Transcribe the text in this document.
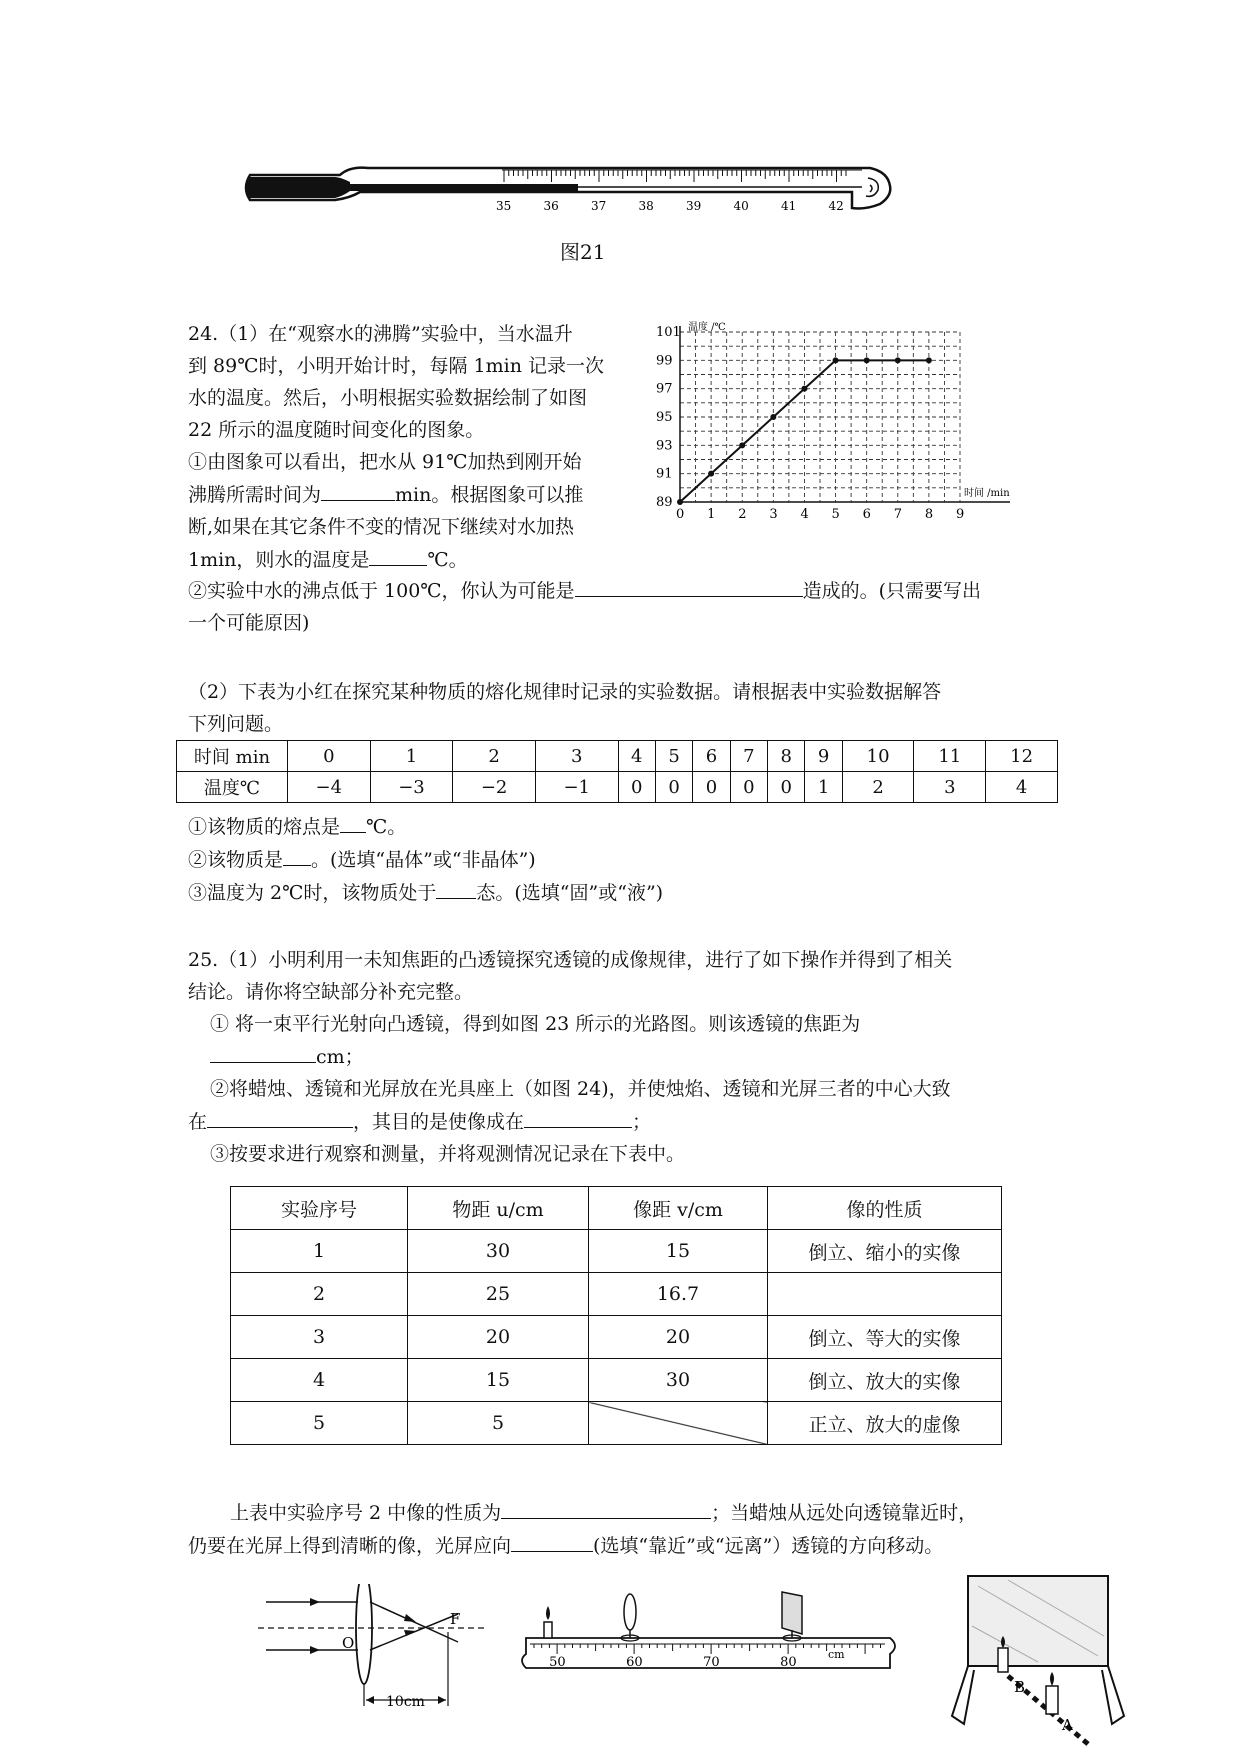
35	36	37	38	39	40	41	42
图21
24.（1）在“观察水的沸腾”实验中，当水温升
到 89℃时，小明开始计时，每隔 1min 记录一次
水的温度。然后，小明根据实验数据绘制了如图
22 所示的温度随时间变化的图象。
①由图象可以看出，把水从 91℃加热到刚开始
沸腾所需时间为	min。根据图象可以推
断,如果在其它条件不变的情况下继续对水加热
1min，则水的温度是	℃。
②实验中水的沸点低于 100℃，你认为可能是	造成的。(只需要写出
一个可能原因)
0 1 2 3 4 5 6 7 8 9
89
91
93
95
97
99
101
时间 /min
温度 /℃
（2）下表为小红在探究某种物质的熔化规律时记录的实验数据。请根据表中实验数据解答
下列问题。
时间 min	0	1	2	3	4	5	6	7	8	9	10	11	12
温度℃	−4	−3	−2	−1	0	0	0	0	0	1	2	3	4
①该物质的熔点是 ℃。
②该物质是 。(选填“晶体”或“非晶体”)
③温度为 2℃时，该物质处于 态。(选填“固”或“液”)
25.（1）小明利用一未知焦距的凸透镜探究透镜的成像规律，进行了如下操作并得到了相关
结论。请你将空缺部分补充完整。
① 将一束平行光射向凸透镜，得到如图 23 所示的光路图。则该透镜的焦距为
cm；
②将蜡烛、透镜和光屏放在光具座上（如图 24)，并使烛焰、透镜和光屏三者的中心大致
在	，其目的是使像成在	；
③按要求进行观察和测量，并将观测情况记录在下表中。
实验序号	物距 u/cm	像距 v/cm	像的性质
1	30	15	倒立、缩小的实像
2	25	16.7	
3	20	20	倒立、等大的实像
4	15	30	倒立、放大的实像
5	5		正立、放大的虚像
上表中实验序号 2 中像的性质为	；当蜡烛从远处向透镜靠近时，
仍要在光屏上得到清晰的像，光屏应向	(选填“靠近”或“远离”）透镜的方向移动。
O
F
10cm
50	60	70	80
cm
B
A
